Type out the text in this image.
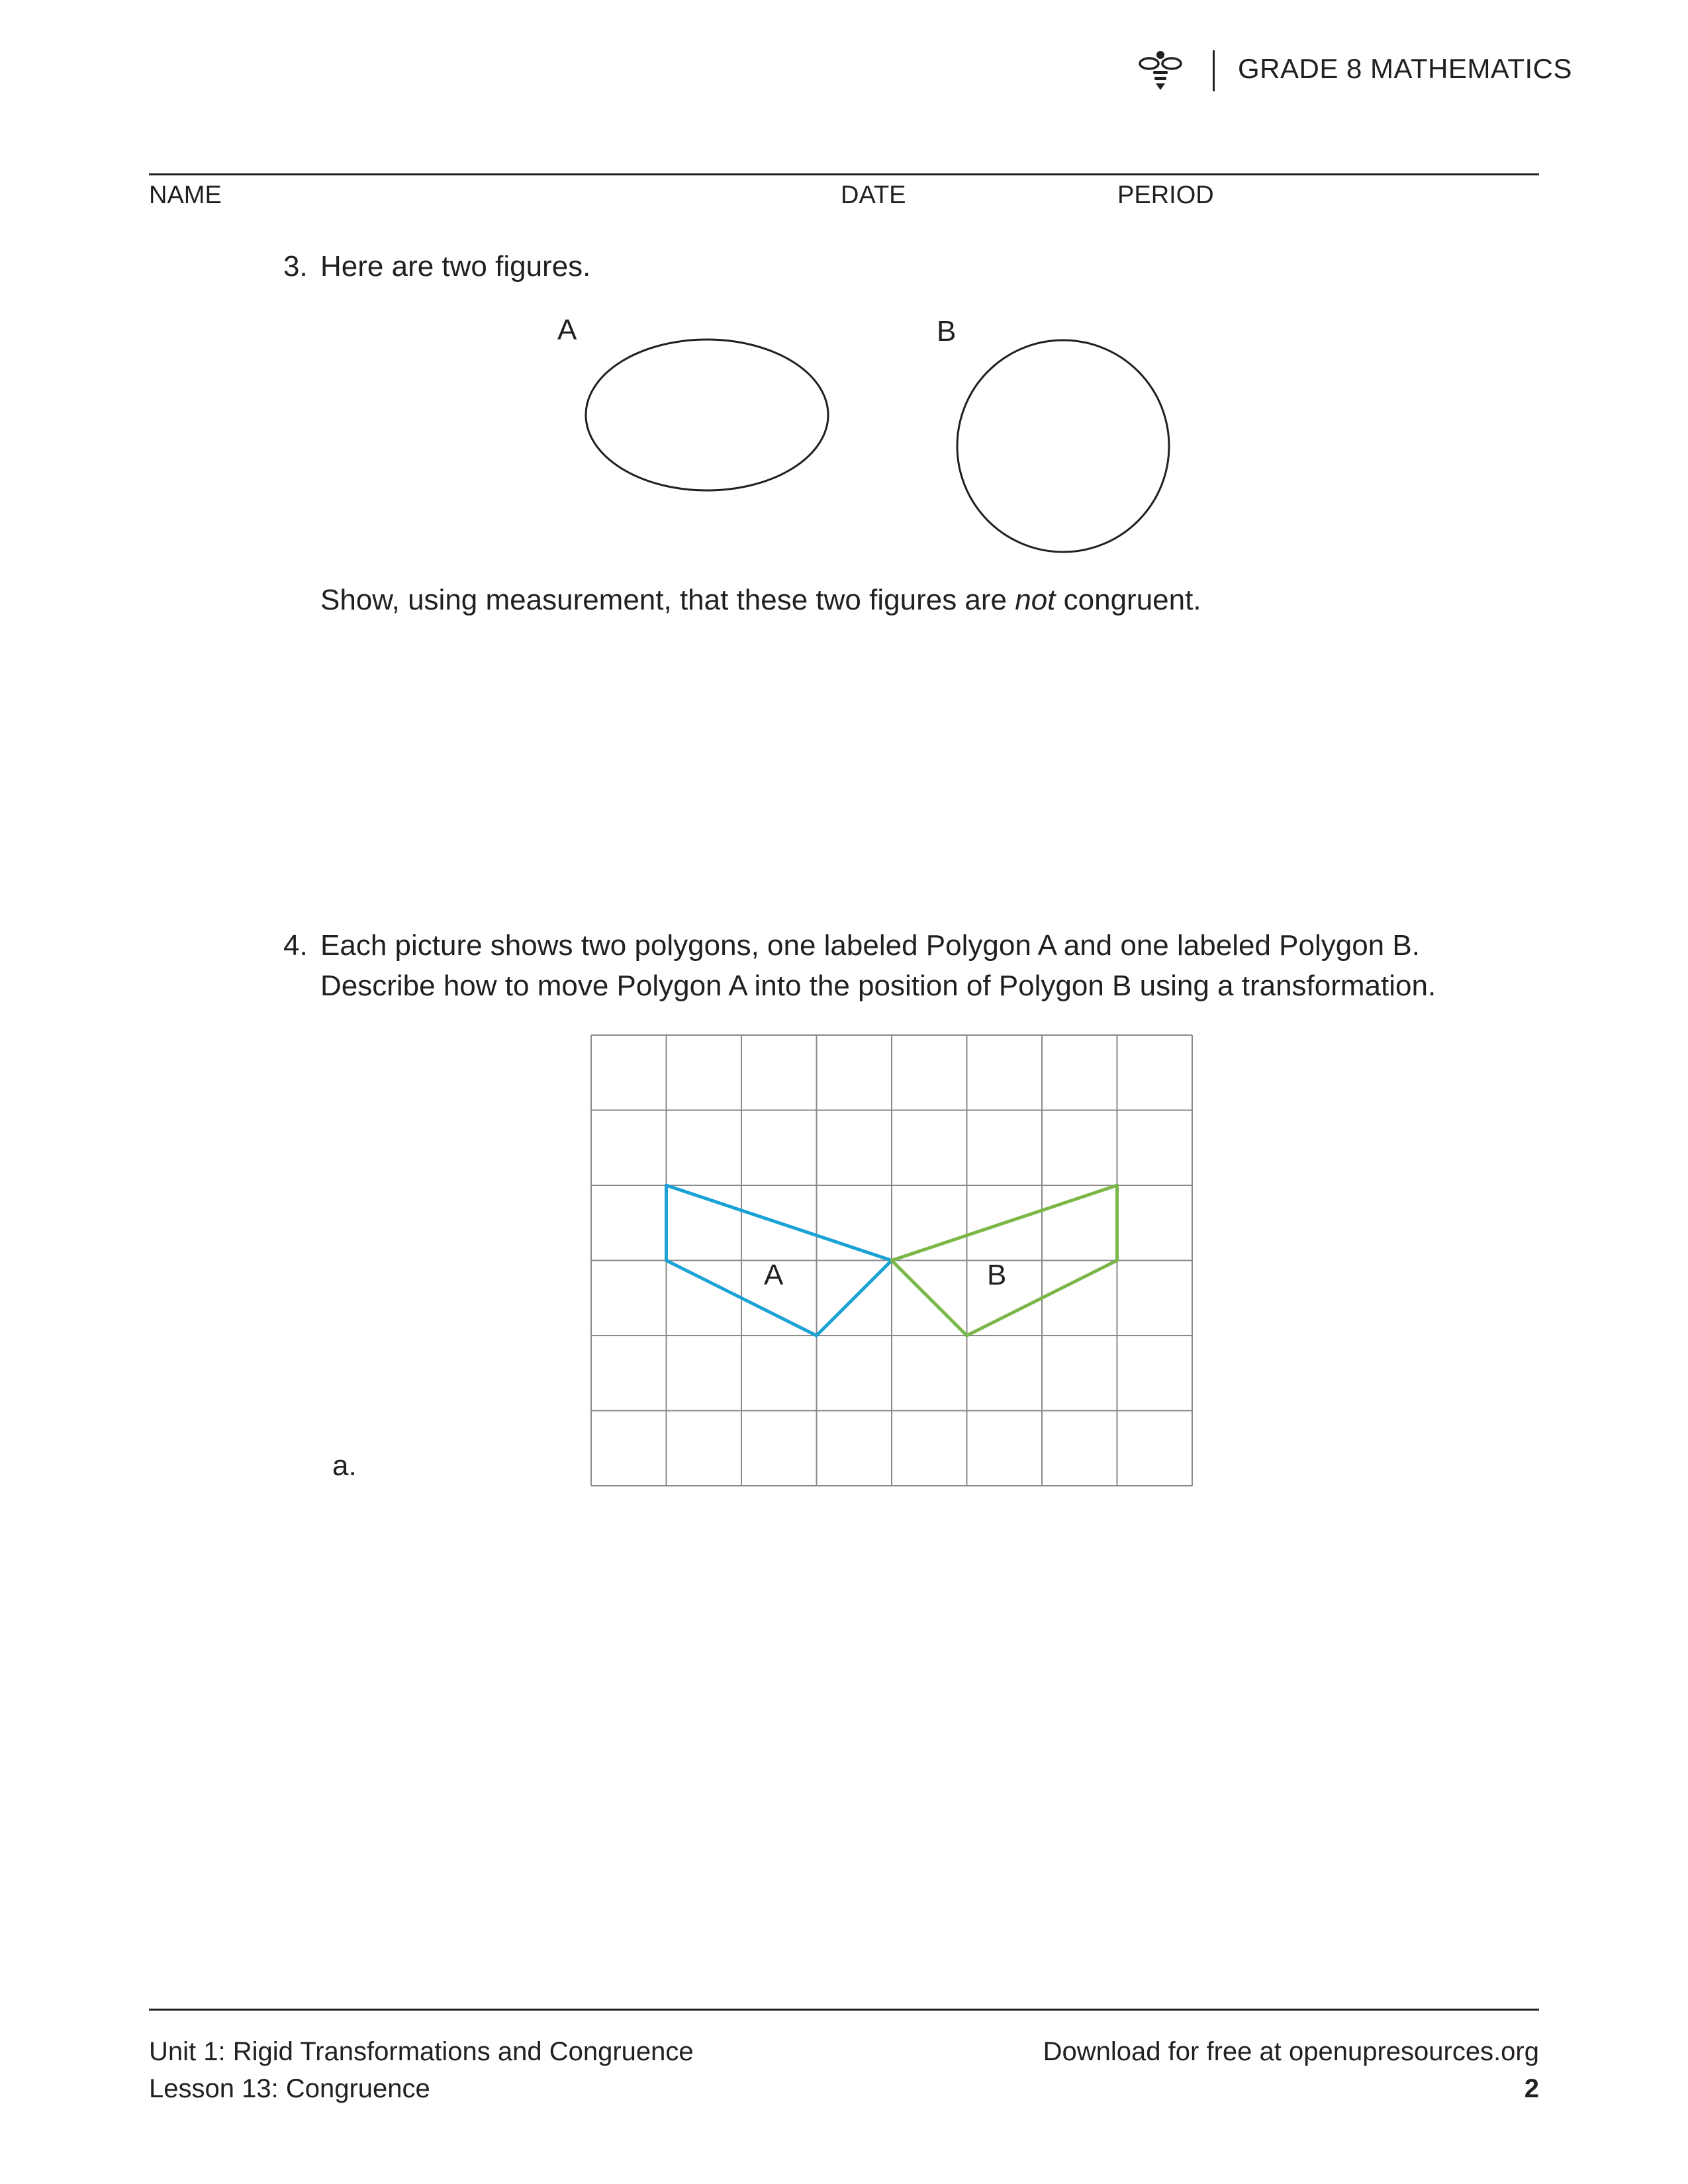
GRADE 8 MATHEMATICS
NAME	DATE	PERIOD
3. Here are two figures.
A	B
Show, using measurement, that these two figures are not congruent.
4. Each picture shows two polygons, one labeled Polygon A and one labeled Polygon B.
Describe how to move Polygon A into the position of Polygon B using a transformation.
A	B
a.
Unit 1: Rigid Transformations and Congruence
Lesson 13: Congruence
Download for free at openupresources.org
2
